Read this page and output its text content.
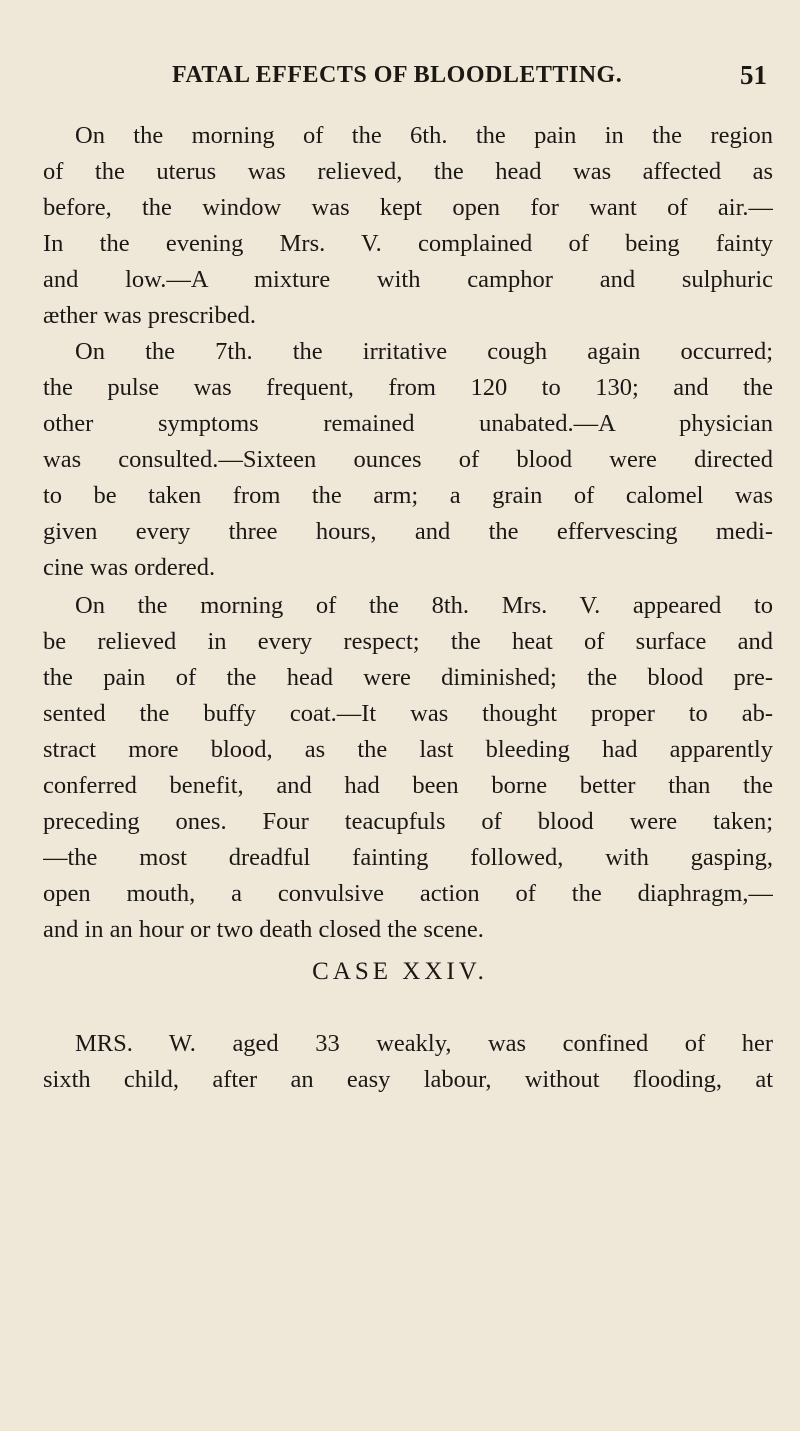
FATAL EFFECTS OF BLOODLETTING.	51
On the morning of the 6th. the pain in the region
of the uterus was relieved, the head was affected as
before, the window was kept open for want of air.—
In the evening Mrs. V. complained of being fainty
and low.—A mixture with camphor and sulphuric
æther was prescribed.
On the 7th. the irritative cough again occurred;
the pulse was frequent, from 120 to 130; and the
other symptoms remained unabated.—A physician
was consulted.—Sixteen ounces of blood were directed
to be taken from the arm; a grain of calomel was
given every three hours, and the effervescing medi-
cine was ordered.
On the morning of the 8th. Mrs. V. appeared to
be relieved in every respect; the heat of surface and
the pain of the head were diminished; the blood pre-
sented the buffy coat.—It was thought proper to ab-
stract more blood, as the last bleeding had apparently
conferred benefit, and had been borne better than the
preceding ones. Four teacupfuls of blood were taken;
—the most dreadful fainting followed, with gasping,
open mouth, a convulsive action of the diaphragm,—
and in an hour or two death closed the scene.
CASE XXIV.
MRS. W. aged 33 weakly, was confined of her
sixth child, after an easy labour, without flooding, at
